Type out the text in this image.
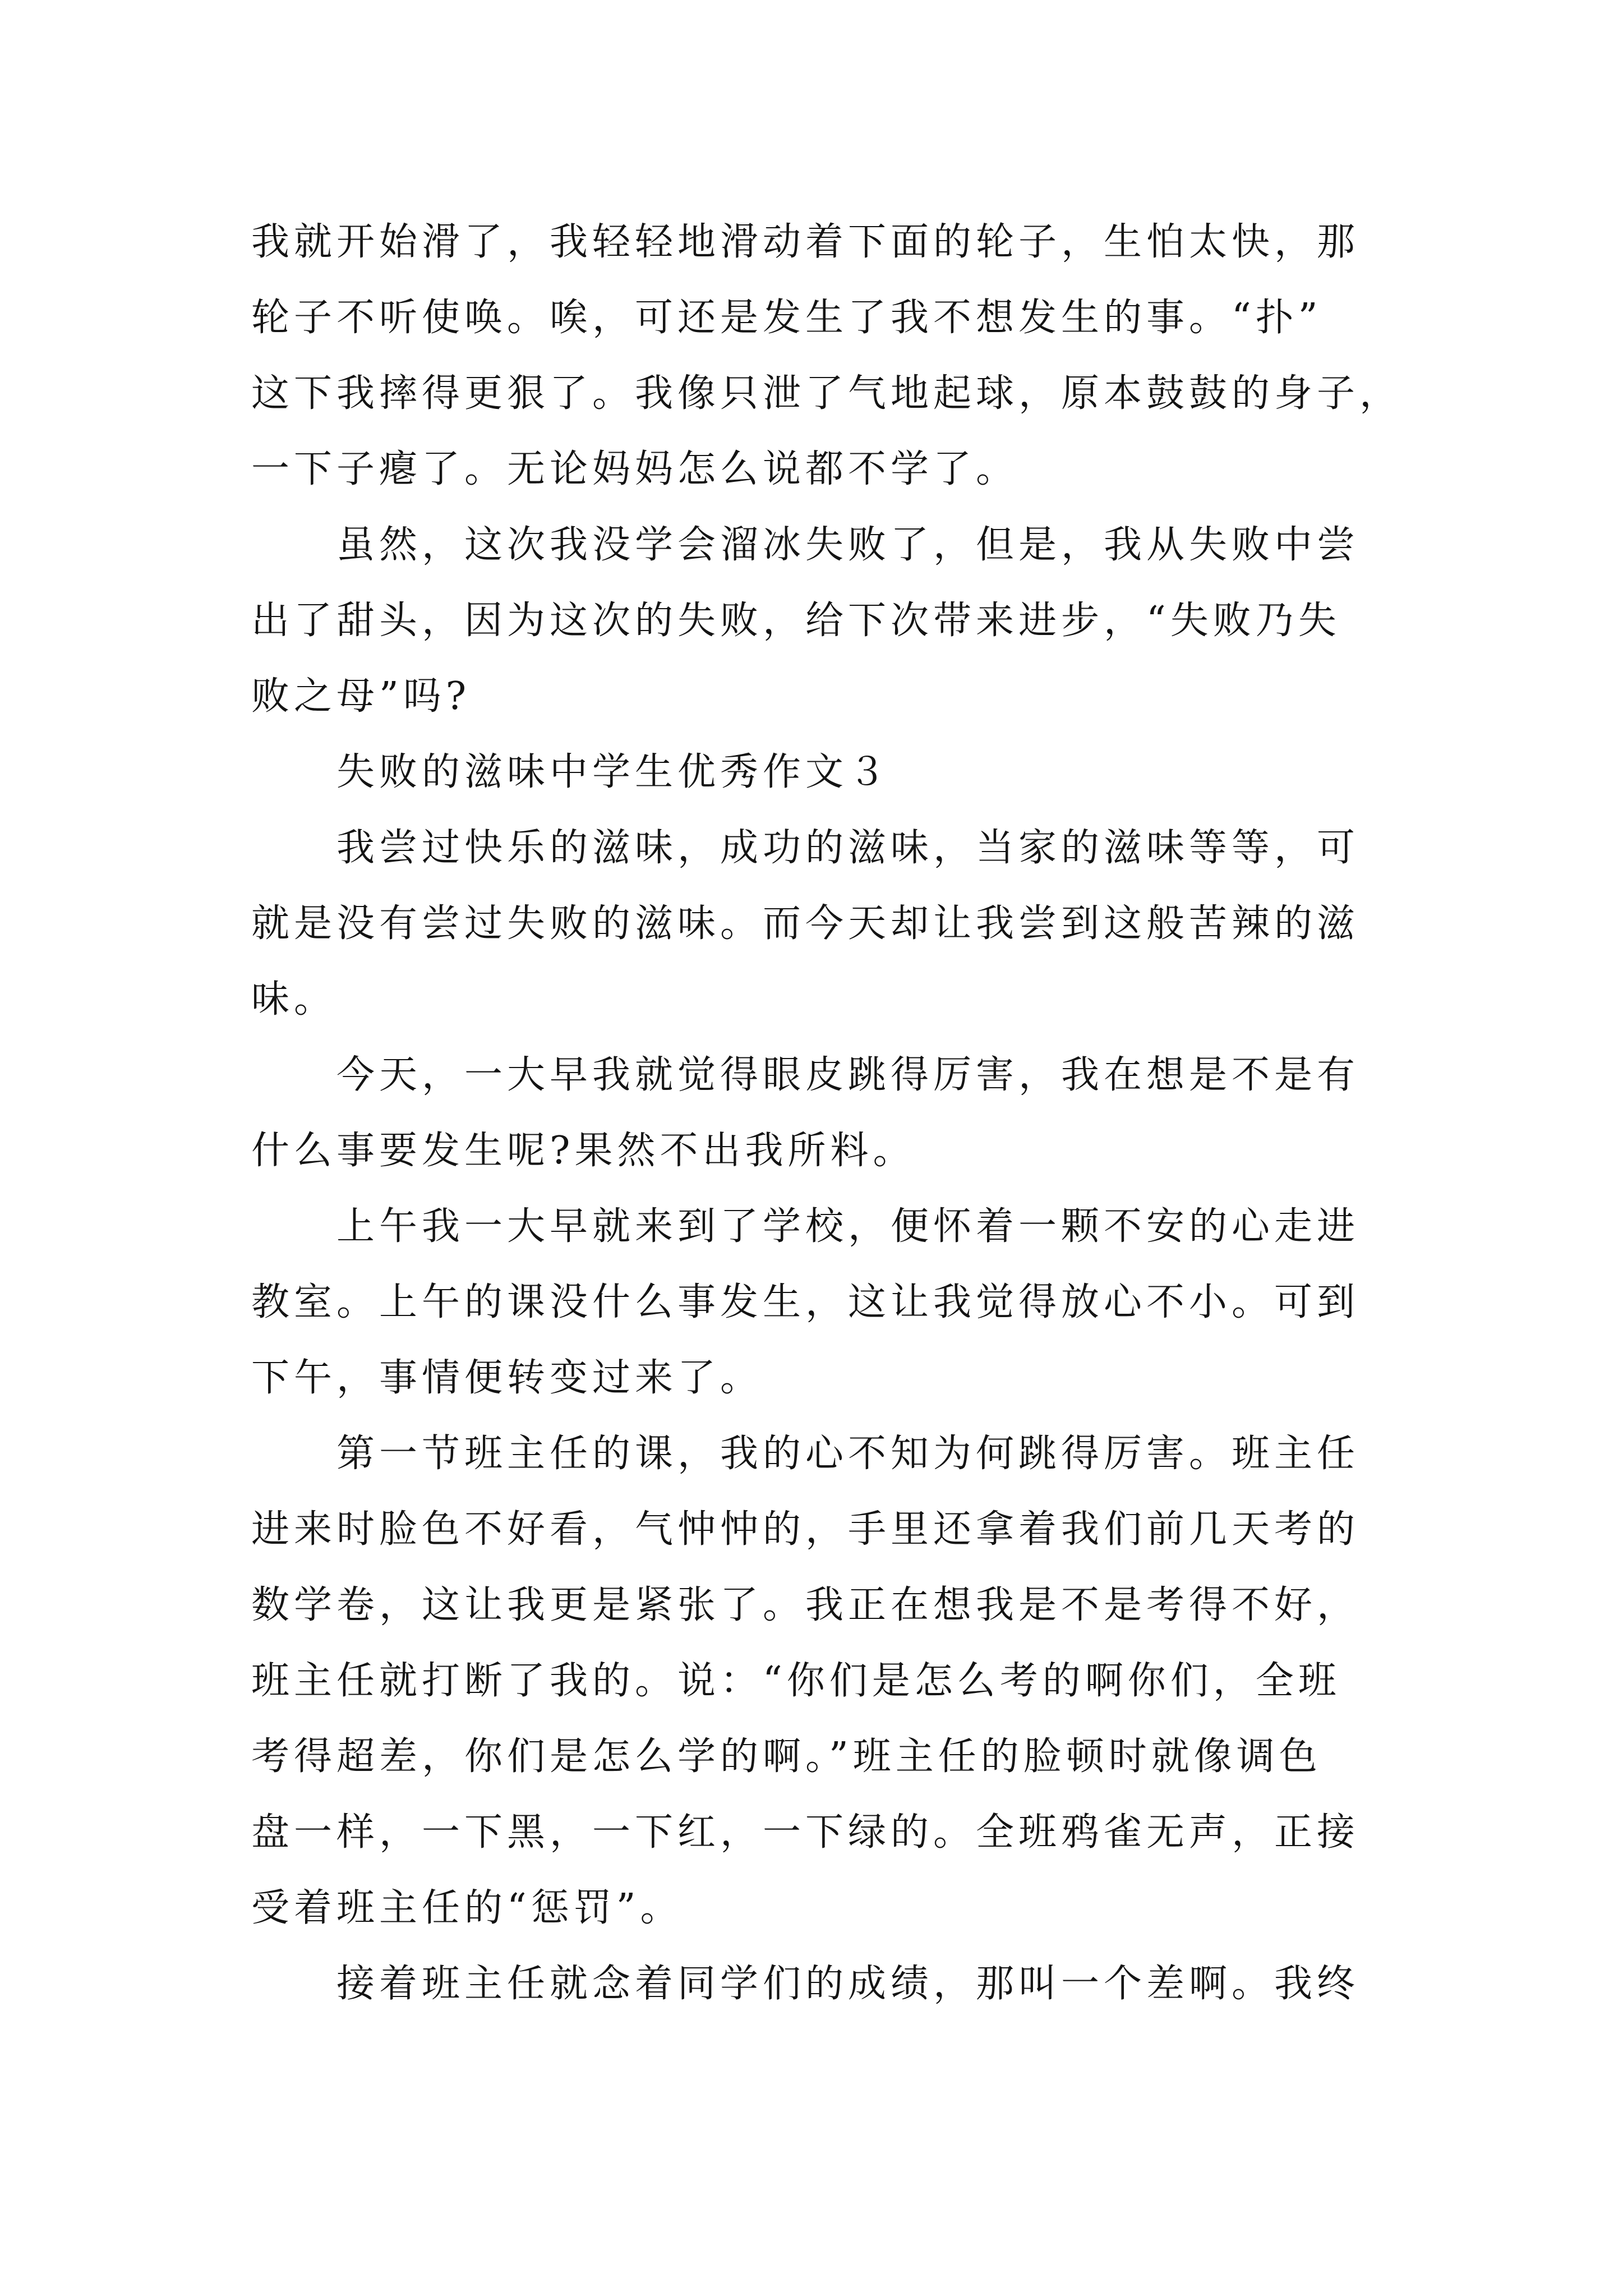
我就开始滑了，我轻轻地滑动着下面的轮子，生怕太快，那
轮子不听使唤。唉，可还是发生了我不想发生的事。“扑”
这下我摔得更狠了。我像只泄了气地起球，原本鼓鼓的身子，
一下子瘪了。无论妈妈怎么说都不学了。
虽然，这次我没学会溜冰失败了，但是，我从失败中尝
出了甜头，因为这次的失败，给下次带来进步，“失败乃失
败之母”吗?
失败的滋味中学生优秀作文３
我尝过快乐的滋味，成功的滋味，当家的滋味等等，可
就是没有尝过失败的滋味。而今天却让我尝到这般苦辣的滋
味。
今天，一大早我就觉得眼皮跳得厉害，我在想是不是有
什么事要发生呢?果然不出我所料。
上午我一大早就来到了学校，便怀着一颗不安的心走进
教室。上午的课没什么事发生，这让我觉得放心不小。可到
下午，事情便转变过来了。
第一节班主任的课，我的心不知为何跳得厉害。班主任
进来时脸色不好看，气忡忡的，手里还拿着我们前几天考的
数学卷，这让我更是紧张了。我正在想我是不是考得不好，
班主任就打断了我的。说：“你们是怎么考的啊你们，全班
考得超差，你们是怎么学的啊。”班主任的脸顿时就像调色
盘一样，一下黑，一下红，一下绿的。全班鸦雀无声，正接
受着班主任的“惩罚”。
接着班主任就念着同学们的成绩，那叫一个差啊。我终
